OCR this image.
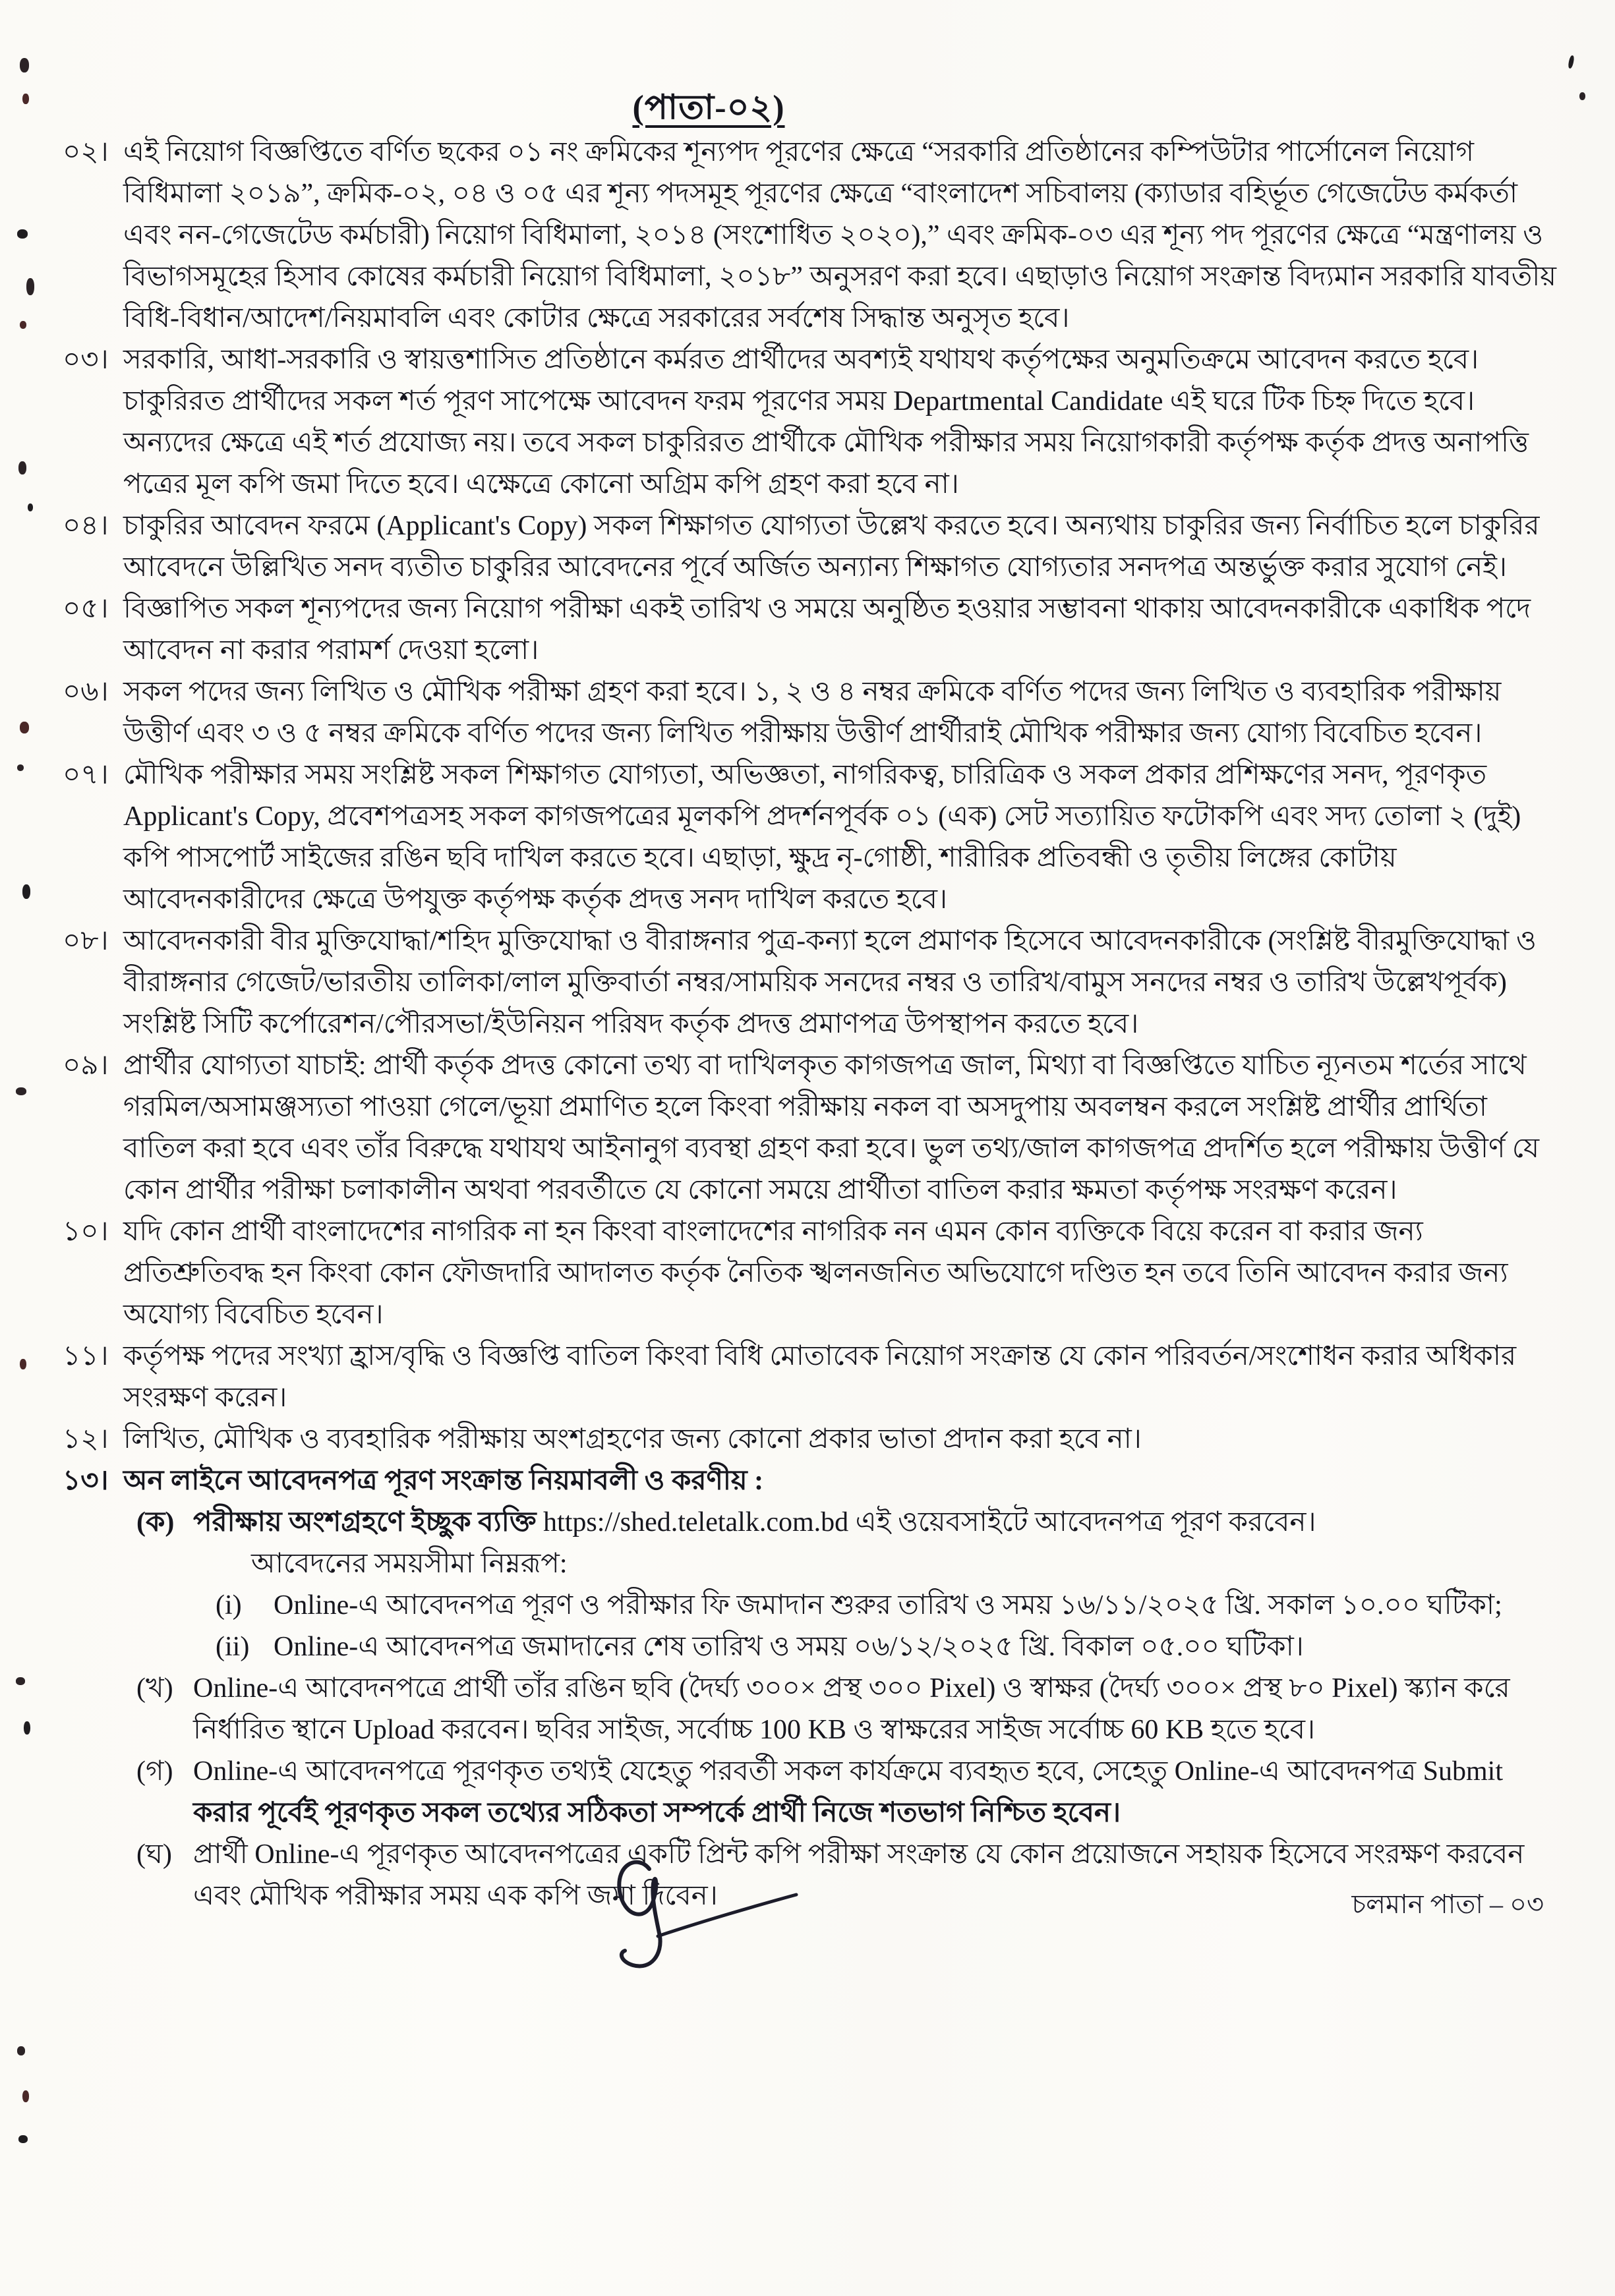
(পাতা-০২)
০২। এই নিয়োগ বিজ্ঞপ্তিতে বর্ণিত ছকের ০১ নং ক্রমিকের শূন্যপদ পূরণের ক্ষেত্রে “সরকারি প্রতিষ্ঠানের কম্পিউটার পার্সোনেল নিয়োগ বিধিমালা ২০১৯”, ক্রমিক-০২, ০৪ ও ০৫ এর শূন্য পদসমূহ পূরণের ক্ষেত্রে “বাংলাদেশ সচিবালয় (ক্যাডার বহির্ভূত গেজেটেড কর্মকর্তা এবং নন-গেজেটেড কর্মচারী) নিয়োগ বিধিমালা, ২০১৪ (সংশোধিত ২০২০),” এবং ক্রমিক-০৩ এর শূন্য পদ পূরণের ক্ষেত্রে “মন্ত্রণালয় ও বিভাগসমূহের হিসাব কোষের কর্মচারী নিয়োগ বিধিমালা, ২০১৮” অনুসরণ করা হবে। এছাড়াও নিয়োগ সংক্রান্ত বিদ্যমান সরকারি যাবতীয় বিধি-বিধান/আদেশ/নিয়মাবলি এবং কোটার ক্ষেত্রে সরকারের সর্বশেষ সিদ্ধান্ত অনুসৃত হবে।
০৩। সরকারি, আধা-সরকারি ও স্বায়ত্তশাসিত প্রতিষ্ঠানে কর্মরত প্রার্থীদের অবশ্যই যথাযথ কর্তৃপক্ষের অনুমতিক্রমে আবেদন করতে হবে। চাকুরিরত প্রার্থীদের সকল শর্ত পূরণ সাপেক্ষে আবেদন ফরম পূরণের সময় Departmental Candidate এই ঘরে টিক চিহ্ন দিতে হবে। অন্যদের ক্ষেত্রে এই শর্ত প্রযোজ্য নয়। তবে সকল চাকুরিরত প্রার্থীকে মৌখিক পরীক্ষার সময় নিয়োগকারী কর্তৃপক্ষ কর্তৃক প্রদত্ত অনাপত্তি পত্রের মূল কপি জমা দিতে হবে। এক্ষেত্রে কোনো অগ্রিম কপি গ্রহণ করা হবে না।
০৪। চাকুরির আবেদন ফরমে (Applicant's Copy) সকল শিক্ষাগত যোগ্যতা উল্লেখ করতে হবে। অন্যথায় চাকুরির জন্য নির্বাচিত হলে চাকুরির আবেদনে উল্লিখিত সনদ ব্যতীত চাকুরির আবেদনের পূর্বে অর্জিত অন্যান্য শিক্ষাগত যোগ্যতার সনদপত্র অন্তর্ভুক্ত করার সুযোগ নেই।
০৫। বিজ্ঞাপিত সকল শূন্যপদের জন্য নিয়োগ পরীক্ষা একই তারিখ ও সময়ে অনুষ্ঠিত হওয়ার সম্ভাবনা থাকায় আবেদনকারীকে একাধিক পদে আবেদন না করার পরামর্শ দেওয়া হলো।
০৬। সকল পদের জন্য লিখিত ও মৌখিক পরীক্ষা গ্রহণ করা হবে। ১, ২ ও ৪ নম্বর ক্রমিকে বর্ণিত পদের জন্য লিখিত ও ব্যবহারিক পরীক্ষায় উত্তীর্ণ এবং ৩ ও ৫ নম্বর ক্রমিকে বর্ণিত পদের জন্য লিখিত পরীক্ষায় উত্তীর্ণ প্রার্থীরাই মৌখিক পরীক্ষার জন্য যোগ্য বিবেচিত হবেন।
০৭। মৌখিক পরীক্ষার সময় সংশ্লিষ্ট সকল শিক্ষাগত যোগ্যতা, অভিজ্ঞতা, নাগরিকত্ব, চারিত্রিক ও সকল প্রকার প্রশিক্ষণের সনদ, পূরণকৃত Applicant's Copy, প্রবেশপত্রসহ সকল কাগজপত্রের মূলকপি প্রদর্শনপূর্বক ০১ (এক) সেট সত্যায়িত ফটোকপি এবং সদ্য তোলা ২ (দুই) কপি পাসপোর্ট সাইজের রঙিন ছবি দাখিল করতে হবে। এছাড়া, ক্ষুদ্র নৃ-গোষ্ঠী, শারীরিক প্রতিবন্ধী ও তৃতীয় লিঙ্গের কোটায় আবেদনকারীদের ক্ষেত্রে উপযুক্ত কর্তৃপক্ষ কর্তৃক প্রদত্ত সনদ দাখিল করতে হবে।
০৮। আবেদনকারী বীর মুক্তিযোদ্ধা/শহিদ মুক্তিযোদ্ধা ও বীরাঙ্গনার পুত্র-কন্যা হলে প্রমাণক হিসেবে আবেদনকারীকে (সংশ্লিষ্ট বীরমুক্তিযোদ্ধা ও বীরাঙ্গনার গেজেট/ভারতীয় তালিকা/লাল মুক্তিবার্তা নম্বর/সাময়িক সনদের নম্বর ও তারিখ/বামুস সনদের নম্বর ও তারিখ উল্লেখপূর্বক) সংশ্লিষ্ট সিটি কর্পোরেশন/পৌরসভা/ইউনিয়ন পরিষদ কর্তৃক প্রদত্ত প্রমাণপত্র উপস্থাপন করতে হবে।
০৯। প্রার্থীর যোগ্যতা যাচাই: প্রার্থী কর্তৃক প্রদত্ত কোনো তথ্য বা দাখিলকৃত কাগজপত্র জাল, মিথ্যা বা বিজ্ঞপ্তিতে যাচিত ন্যূনতম শর্তের সাথে গরমিল/অসামঞ্জস্যতা পাওয়া গেলে/ভূয়া প্রমাণিত হলে কিংবা পরীক্ষায় নকল বা অসদুপায় অবলম্বন করলে সংশ্লিষ্ট প্রার্থীর প্রার্থিতা বাতিল করা হবে এবং তাঁর বিরুদ্ধে যথাযথ আইনানুগ ব্যবস্থা গ্রহণ করা হবে। ভুল তথ্য/জাল কাগজপত্র প্রদর্শিত হলে পরীক্ষায় উত্তীর্ণ যে কোন প্রার্থীর পরীক্ষা চলাকালীন অথবা পরবর্তীতে যে কোনো সময়ে প্রার্থীতা বাতিল করার ক্ষমতা কর্তৃপক্ষ সংরক্ষণ করেন।
১০। যদি কোন প্রার্থী বাংলাদেশের নাগরিক না হন কিংবা বাংলাদেশের নাগরিক নন এমন কোন ব্যক্তিকে বিয়ে করেন বা করার জন্য প্রতিশ্রুতিবদ্ধ হন কিংবা কোন ফৌজদারি আদালত কর্তৃক নৈতিক স্খলনজনিত অভিযোগে দণ্ডিত হন তবে তিনি আবেদন করার জন্য অযোগ্য বিবেচিত হবেন।
১১। কর্তৃপক্ষ পদের সংখ্যা হ্রাস/বৃদ্ধি ও বিজ্ঞপ্তি বাতিল কিংবা বিধি মোতাবেক নিয়োগ সংক্রান্ত যে কোন পরিবর্তন/সংশোধন করার অধিকার সংরক্ষণ করেন।
১২। লিখিত, মৌখিক ও ব্যবহারিক পরীক্ষায় অংশগ্রহণের জন্য কোনো প্রকার ভাতা প্রদান করা হবে না।
১৩। অন লাইনে আবেদনপত্র পূরণ সংক্রান্ত নিয়মাবলী ও করণীয় :
(ক) পরীক্ষায় অংশগ্রহণে ইচ্ছুক ব্যক্তি https://shed.teletalk.com.bd এই ওয়েবসাইটে আবেদনপত্র পূরণ করবেন।
আবেদনের সময়সীমা নিম্নরূপ:
(i)	Online-এ আবেদনপত্র পূরণ ও পরীক্ষার ফি জমাদান শুরুর তারিখ ও সময় ১৬/১১/২০২৫ খ্রি. সকাল ১০.০০ ঘটিকা;
(ii) Online-এ আবেদনপত্র জমাদানের শেষ তারিখ ও সময় ০৬/১২/২০২৫ খ্রি. বিকাল ০৫.০০ ঘটিকা।
(খ) Online-এ আবেদনপত্রে প্রার্থী তাঁর রঙিন ছবি (দৈর্ঘ্য ৩০০× প্রস্থ ৩০০ Pixel) ও স্বাক্ষর (দৈর্ঘ্য ৩০০× প্রস্থ ৮০ Pixel) স্ক্যান করে নির্ধারিত স্থানে Upload করবেন। ছবির সাইজ, সর্বোচ্চ 100 KB ও স্বাক্ষরের সাইজ সর্বোচ্চ 60 KB হতে হবে।
(গ) Online-এ আবেদনপত্রে পূরণকৃত তথ্যই যেহেতু পরবর্তী সকল কার্যক্রমে ব্যবহৃত হবে, সেহেতু Online-এ আবেদনপত্র Submit করার পূর্বেই পূরণকৃত সকল তথ্যের সঠিকতা সম্পর্কে প্রার্থী নিজে শতভাগ নিশ্চিত হবেন।
(ঘ) প্রার্থী Online-এ পূরণকৃত আবেদনপত্রের একটি প্রিন্ট কপি পরীক্ষা সংক্রান্ত যে কোন প্রয়োজনে সহায়ক হিসেবে সংরক্ষণ করবেন এবং মৌখিক পরীক্ষার সময় এক কপি জমা দিবেন।	চলমান পাতা – ০৩
